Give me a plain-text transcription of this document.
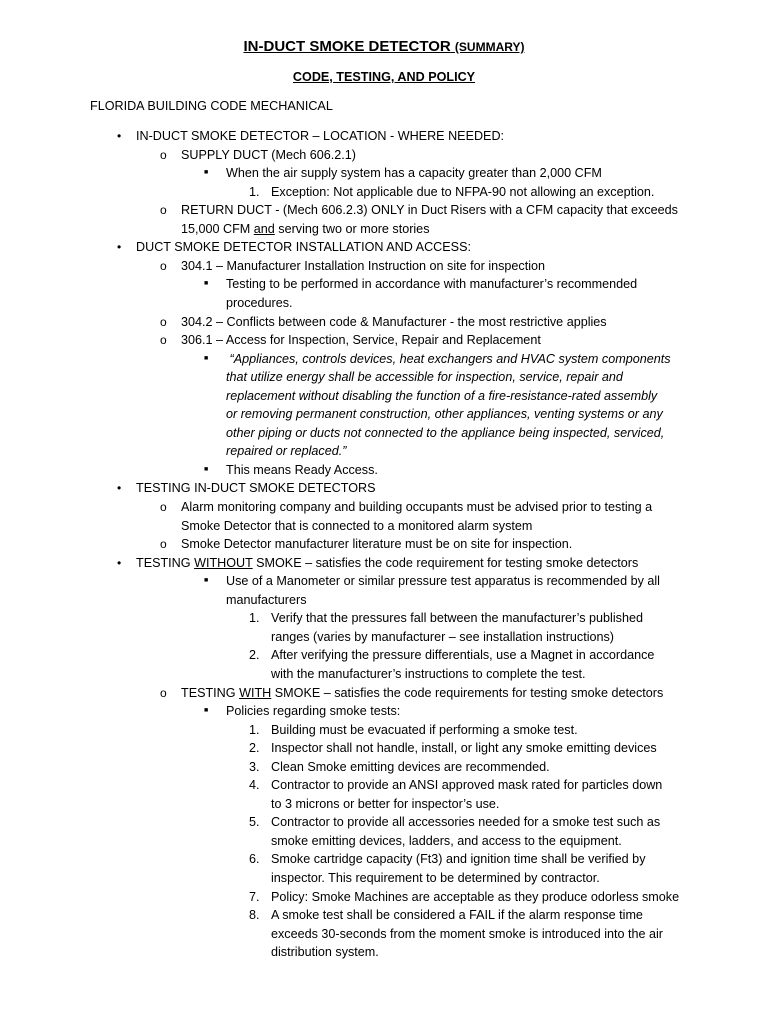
IN-DUCT SMOKE DETECTOR (SUMMARY)
CODE, TESTING, AND POLICY
FLORIDA BUILDING CODE MECHANICAL
• IN-DUCT SMOKE DETECTOR – LOCATION - WHERE NEEDED:
o SUPPLY DUCT (Mech 606.2.1)
■ When the air supply system has a capacity greater than 2,000 CFM
1. Exception: Not applicable due to NFPA-90 not allowing an exception.
o RETURN DUCT - (Mech 606.2.3) ONLY in Duct Risers with a CFM capacity that exceeds
15,000 CFM and serving two or more stories
• DUCT SMOKE DETECTOR INSTALLATION AND ACCESS:
o 304.1 – Manufacturer Installation Instruction on site for inspection
■ Testing to be performed in accordance with manufacturer’s recommended
procedures.
o 304.2 – Conflicts between code & Manufacturer - the most restrictive applies
o 306.1 – Access for Inspection, Service, Repair and Replacement
■ “Appliances, controls devices, heat exchangers and HVAC system components
that utilize energy shall be accessible for inspection, service, repair and
replacement without disabling the function of a fire-resistance-rated assembly
or removing permanent construction, other appliances, venting systems or any
other piping or ducts not connected to the appliance being inspected, serviced,
repaired or replaced.”
■ This means Ready Access.
• TESTING IN-DUCT SMOKE DETECTORS
o Alarm monitoring company and building occupants must be advised prior to testing a
Smoke Detector that is connected to a monitored alarm system
o Smoke Detector manufacturer literature must be on site for inspection.
• TESTING WITHOUT SMOKE – satisfies the code requirement for testing smoke detectors
■ Use of a Manometer or similar pressure test apparatus is recommended by all
manufacturers
1. Verify that the pressures fall between the manufacturer’s published
ranges (varies by manufacturer – see installation instructions)
2. After verifying the pressure differentials, use a Magnet in accordance
with the manufacturer’s instructions to complete the test.
o TESTING WITH SMOKE – satisfies the code requirements for testing smoke detectors
■ Policies regarding smoke tests:
1. Building must be evacuated if performing a smoke test.
2. Inspector shall not handle, install, or light any smoke emitting devices
3. Clean Smoke emitting devices are recommended.
4. Contractor to provide an ANSI approved mask rated for particles down
to 3 microns or better for inspector’s use.
5. Contractor to provide all accessories needed for a smoke test such as
smoke emitting devices, ladders, and access to the equipment.
6. Smoke cartridge capacity (Ft3) and ignition time shall be verified by
inspector. This requirement to be determined by contractor.
7. Policy: Smoke Machines are acceptable as they produce odorless smoke
8. A smoke test shall be considered a FAIL if the alarm response time
exceeds 30-seconds from the moment smoke is introduced into the air
distribution system.
